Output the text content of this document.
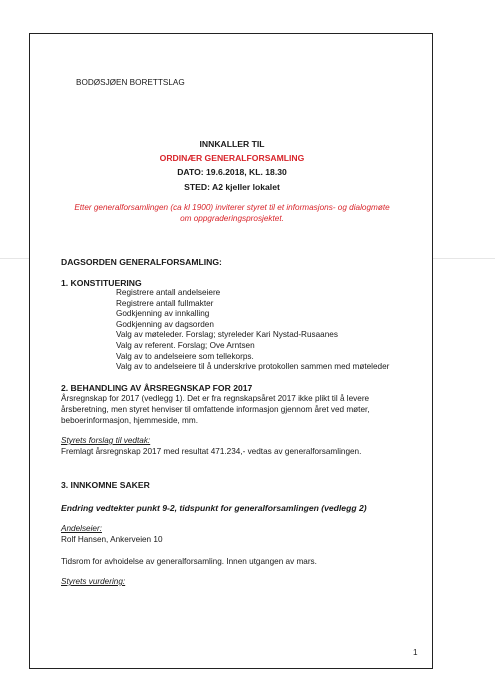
BODØSJØEN BORETTSLAG
INNKALLER TIL
ORDINÆR GENERALFORSAMLING
DATO: 19.6.2018, KL. 18.30
STED: A2 kjeller lokalet
Etter generalforsamlingen (ca kl 1900) inviterer styret til et informasjons- og dialogmøte
om oppgraderingsprosjektet.
DAGSORDEN GENERALFORSAMLING:
1. KONSTITUERING
Registrere antall andelseiere
Registrere antall fullmakter
Godkjenning av innkalling
Godkjenning av dagsorden
Valg av møteleder. Forslag; styreleder Kari Nystad-Rusaanes
Valg av referent. Forslag; Ove Arntsen
Valg av to andelseiere som tellekorps.
Valg av to andelseiere til å underskrive protokollen sammen med møteleder
2. BEHANDLING AV ÅRSREGNSKAP FOR 2017
Årsregnskap for 2017 (vedlegg 1). Det er fra regnskapsåret 2017 ikke plikt til å levere
årsberetning, men styret henviser til omfattende informasjon gjennom året ved møter,
beboerinformasjon, hjemmeside, mm.
Styrets forslag til vedtak:
Fremlagt årsregnskap 2017 med resultat 471.234,- vedtas av generalforsamlingen.
3. INNKOMNE SAKER
Endring vedtekter punkt 9-2, tidspunkt for generalforsamlingen (vedlegg 2)
Andelseier:
Rolf Hansen, Ankerveien 10
Tidsrom for avhoidelse av generalforsamling. Innen utgangen av mars.
Styrets vurdering:
1
